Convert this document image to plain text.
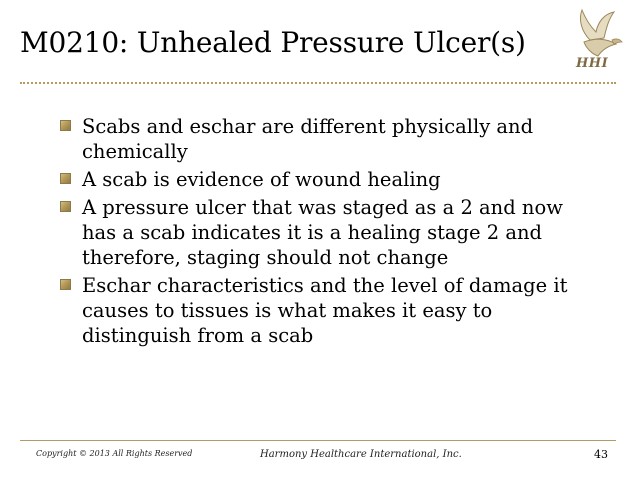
M0210: Unhealed Pressure Ulcer(s)
HHI
Scabs and eschar are different physically and chemically
A scab is evidence of wound healing
A pressure ulcer that was staged as a 2 and now has a scab indicates it is a healing stage 2 and therefore, staging should not change
Eschar characteristics and the level of damage it causes to tissues is what makes it easy to distinguish from a scab
Copyright © 2013 All Rights Reserved	Harmony Healthcare International, Inc.	43
